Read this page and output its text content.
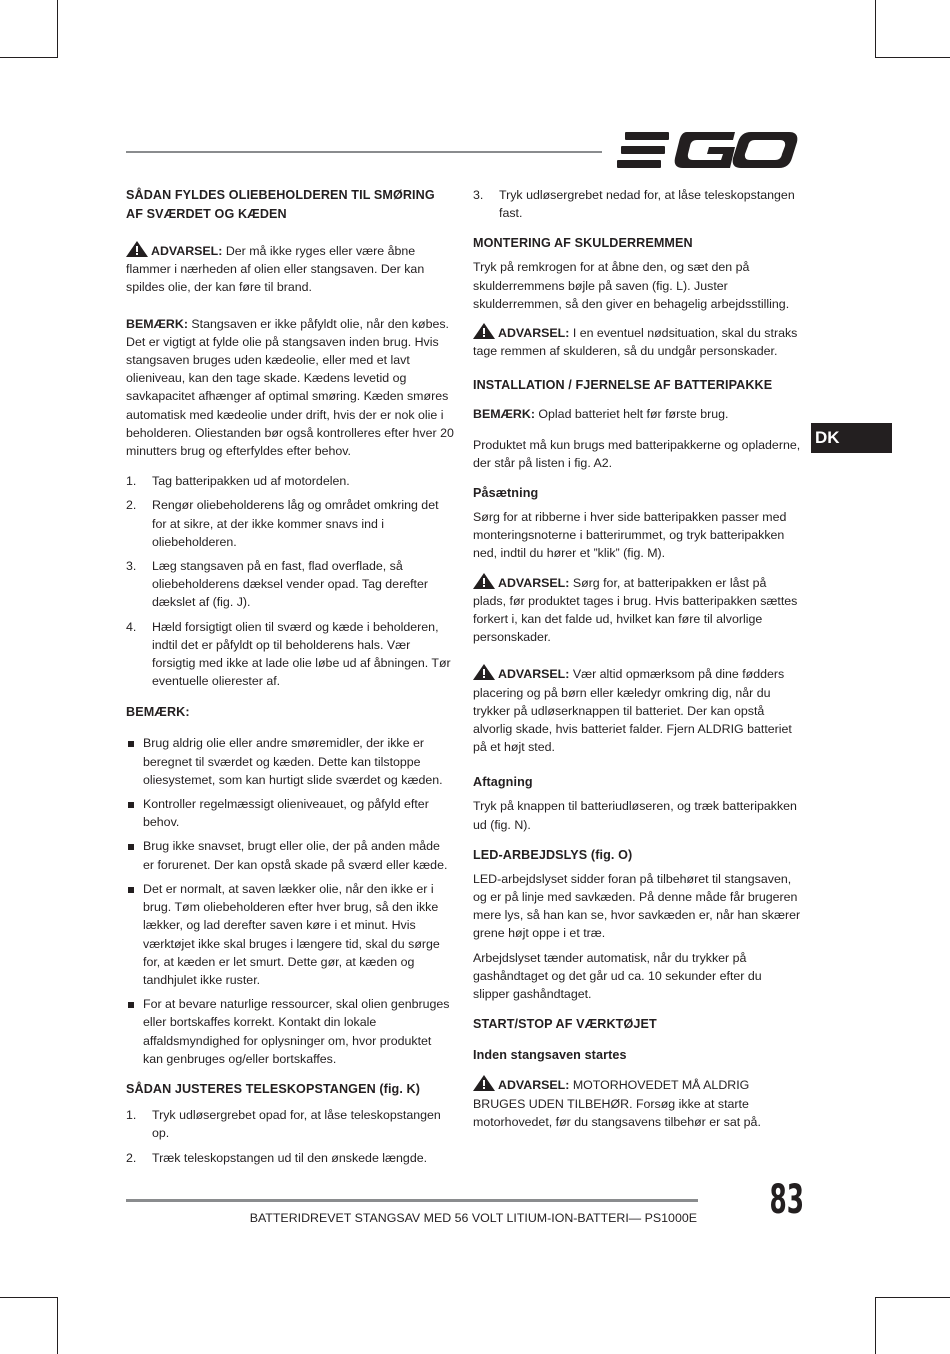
DK
SÅDAN FYLDES OLIEBEHOLDEREN TIL SMØRING AF SVÆRDET OG KÆDEN

ADVARSEL: Der må ikke ryges eller være åbne flammer i nærheden af olien eller stangsaven. Der kan spildes olie, der kan føre til brand.

BEMÆRK: Stangsaven er ikke påfyldt olie, når den købes. Det er vigtigt at fylde olie på stangsaven inden brug. Hvis stangsaven bruges uden kædeolie, eller med et lavt olieniveau, kan den tage skade. Kædens levetid og savkapacitet afhænger af optimal smøring. Kæden smøres automatisk med kædeolie under drift, hvis der er nok olie i beholderen. Oliestanden bør også kontrolleres efter hver 20 minutters brug og efterfyldes efter behov.

1. Tag batteripakken ud af motordelen.
2. Rengør oliebeholderens låg og området omkring det for at sikre, at der ikke kommer snavs ind i oliebeholderen.
3. Læg stangsaven på en fast, flad overflade, så oliebeholderens dæksel vender opad. Tag derefter dækslet af (fig. J).
4. Hæld forsigtigt olien til sværd og kæde i beholderen, indtil det er påfyldt op til beholderens hals. Vær forsigtig med ikke at lade olie løbe ud af åbningen. Tør eventuelle olierester af.
BEMÆRK:
Brug aldrig olie eller andre smøremidler, der ikke er beregnet til sværdet og kæden. Dette kan tilstoppe oliesystemet, som kan hurtigt slide sværdet og kæden.
Kontroller regelmæssigt olieniveauet, og påfyld efter behov.
Brug ikke snavset, brugt eller olie, der på anden måde er forurenet. Der kan opstå skade på sværd eller kæde.
Det er normalt, at saven lækker olie, når den ikke er i brug. Tøm oliebeholderen efter hver brug, så den ikke lækker, og lad derefter saven køre i et minut. Hvis værktøjet ikke skal bruges i længere tid, skal du sørge for, at kæden er let smurt. Dette gør, at kæden og tandhjulet ikke ruster.
For at bevare naturlige ressourcer, skal olien genbruges eller bortskaffes korrekt. Kontakt din lokale affaldsmyndighed for oplysninger om, hvor produktet kan genbruges og/eller bortskaffes.
SÅDAN JUSTERES TELESKOPSTANGEN (fig. K)
1. Tryk udløsergrebet opad for, at låse teleskopstangen op.
2. Træk teleskopstangen ud til den ønskede længde.
3. Tryk udløsergrebet nedad for, at låse teleskopstangen fast.
MONTERING AF SKULDERREMMEN

Tryk på remkrogen for at åbne den, og sæt den på skulderremmens bøjle på saven (fig. L). Juster skulderremmen, så den giver en behagelig arbejdsstilling.

ADVARSEL: I en eventuel nødsituation, skal du straks tage remmen af skulderen, så du undgår personskader.

INSTALLATION / FJERNELSE AF BATTERIPAKKE

BEMÆRK: Oplad batteriet helt før første brug.

Produktet må kun brugs med batteripakkerne og opladerne, der står på listen i fig. A2.

Påsætning

Sørg for at ribberne i hver side batteripakken passer med monteringsnoterne i batterirummet, og tryk batteripakken ned, indtil du hører et ”klik” (fig. M).

ADVARSEL: Sørg for, at batteripakken er låst på plads, før produktet tages i brug. Hvis batteripakken sættes forkert i, kan det falde ud, hvilket kan føre til alvorlige personskader.

ADVARSEL: Vær altid opmærksom på dine fødders placering og på børn eller kæledyr omkring dig, når du trykker på udløserknappen til batteriet. Der kan opstå alvorlig skade, hvis batteriet falder. Fjern ALDRIG batteriet på et højt sted.

Aftagning

Tryk på knappen til batteriudløseren, og træk batteripakken ud (fig. N).

LED-ARBEJDSLYS (fig. O)

LED-arbejdslyset sidder foran på tilbehøret til stangsaven, og er på linje med savkæden. På denne måde får brugeren mere lys, så han kan se, hvor savkæden er, når han skærer grene højt oppe i et træ.

Arbejdslyset tænder automatisk, når du trykker på gashåndtaget og det går ud ca. 10 sekunder efter du slipper gashåndtaget.

START/STOP AF VÆRKTØJET
Inden stangsaven startes

ADVARSEL: MOTORHOVEDET MÅ ALDRIG BRUGES UDEN TILBEHØR. Forsøg ikke at starte motorhovedet, før du stangsavens tilbehør er sat på.

BATTERIDREVET STANGSAV MED 56 VOLT LITIUM-ION-BATTERI— PS1000E 83
